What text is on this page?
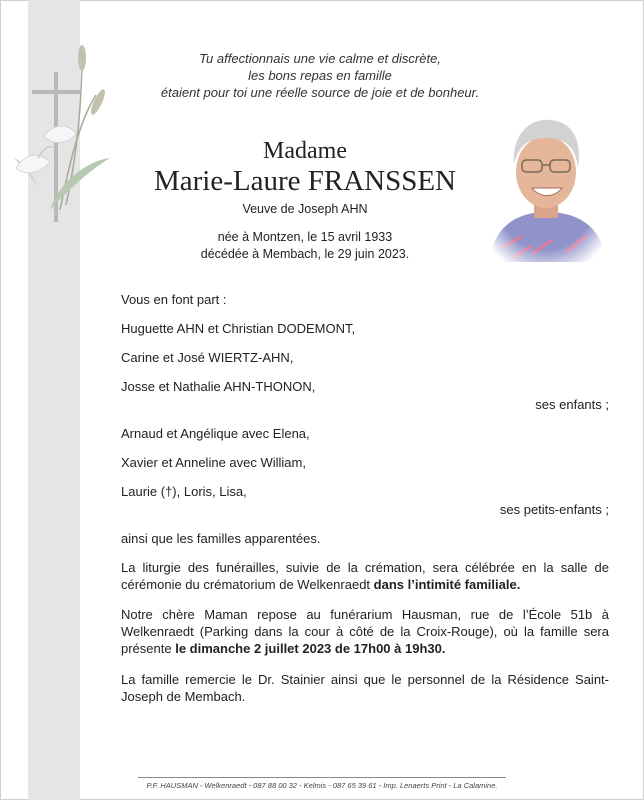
Tu affectionnais une vie calme et discrète,
les bons repas en famille
étaient pour toi une réelle source de joie et de bonheur.
Madame
Marie-Laure FRANSSEN
Veuve de Joseph AHN
née à Montzen, le 15 avril 1933
décédée à Membach, le 29 juin 2023.
Vous en font part :
Huguette AHN et Christian DODEMONT,
Carine et José WIERTZ-AHN,
Josse et Nathalie AHN-THONON,
ses enfants ;
Arnaud et Angélique avec Elena,
Xavier et Anneline avec William,
Laurie (†), Loris, Lisa,
ses petits-enfants ;
ainsi que les familles apparentées.
La liturgie des funérailles, suivie de la crémation, sera célébrée en la salle de cérémonie du crématorium de Welkenraedt dans l’intimité familiale.
Notre chère Maman repose au funérarium Hausman, rue de l’École 51b à Welkenraedt (Parking dans la cour à côté de la Croix-Rouge), où la famille sera présente le dimanche 2 juillet 2023 de 17h00 à 19h30.
La famille remercie le Dr. Stainier ainsi que le personnel de la Résidence Saint-Joseph de Membach.
P.F. HAUSMAN - Welkenraedt - 087 88 00 32 - Kelmis - 087 65 39 61 - Imp. Lenaerts Print - La Calamine.
